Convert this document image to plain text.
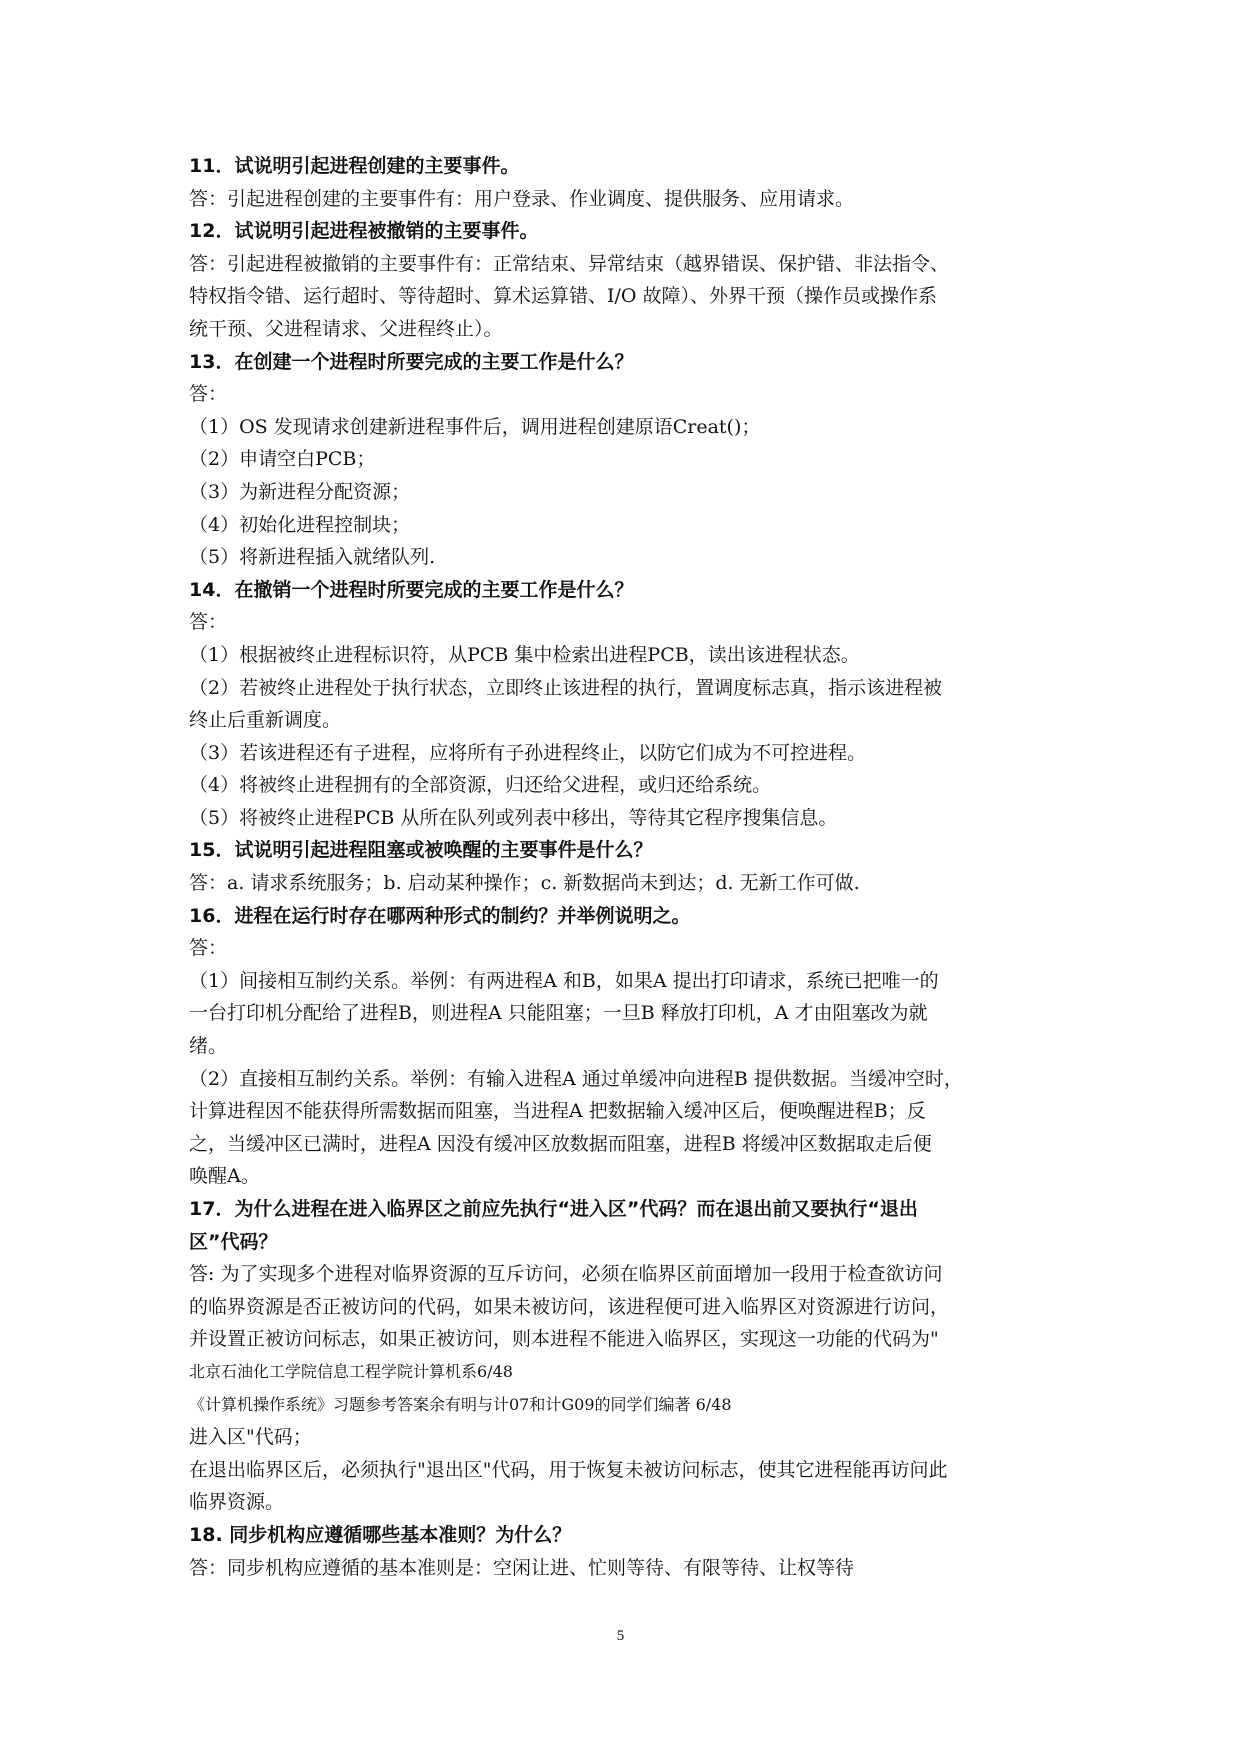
11．试说明引起进程创建的主要事件。

答：引起进程创建的主要事件有：用户登录、作业调度、提供服务、应用请求。

12．试说明引起进程被撤销的主要事件。

答：引起进程被撤销的主要事件有：正常结束、异常结束（越界错误、保护错、非法指令、

特权指令错、运行超时、等待超时、算术运算错、I/O 故障）、外界干预（操作员或操作系

统干预、父进程请求、父进程终止）。

13．在创建一个进程时所要完成的主要工作是什么？

答：

（1）OS 发现请求创建新进程事件后，调用进程创建原语Creat()；

（2）申请空白PCB；

（3）为新进程分配资源；

（4）初始化进程控制块；

（5）将新进程插入就绪队列.

14．在撤销一个进程时所要完成的主要工作是什么？

答：

（1）根据被终止进程标识符，从PCB 集中检索出进程PCB，读出该进程状态。

（2）若被终止进程处于执行状态，立即终止该进程的执行，置调度标志真，指示该进程被

终止后重新调度。

（3）若该进程还有子进程，应将所有子孙进程终止，以防它们成为不可控进程。

（4）将被终止进程拥有的全部资源，归还给父进程，或归还给系统。

（5）将被终止进程PCB 从所在队列或列表中移出，等待其它程序搜集信息。

15．试说明引起进程阻塞或被唤醒的主要事件是什么？

答：a. 请求系统服务；b. 启动某种操作；c. 新数据尚未到达；d. 无新工作可做.

16．进程在运行时存在哪两种形式的制约？并举例说明之。

答：

（1）间接相互制约关系。举例：有两进程A 和B，如果A 提出打印请求，系统已把唯一的

一台打印机分配给了进程B，则进程A 只能阻塞；一旦B 释放打印机，A 才由阻塞改为就

绪。

（2）直接相互制约关系。举例：有输入进程A 通过单缓冲向进程B 提供数据。当缓冲空时，

计算进程因不能获得所需数据而阻塞，当进程A 把数据输入缓冲区后，便唤醒进程B；反

之，当缓冲区已满时，进程A 因没有缓冲区放数据而阻塞，进程B 将缓冲区数据取走后便

唤醒A。

17．为什么进程在进入临界区之前应先执行“进入区”代码？而在退出前又要执行“退出

区”代码？

答: 为了实现多个进程对临界资源的互斥访问，必须在临界区前面增加一段用于检查欲访问

的临界资源是否正被访问的代码，如果未被访问，该进程便可进入临界区对资源进行访问，

并设置正被访问标志，如果正被访问，则本进程不能进入临界区，实现这一功能的代码为"

北京石油化工学院信息工程学院计算机系6/48

《计算机操作系统》习题参考答案余有明与计07和计G09的同学们编著 6/48

进入区"代码；

在退出临界区后，必须执行"退出区"代码，用于恢复未被访问标志，使其它进程能再访问此

临界资源。

18. 同步机构应遵循哪些基本准则？为什么？

答：同步机构应遵循的基本准则是：空闲让进、忙则等待、有限等待、让权等待

5
